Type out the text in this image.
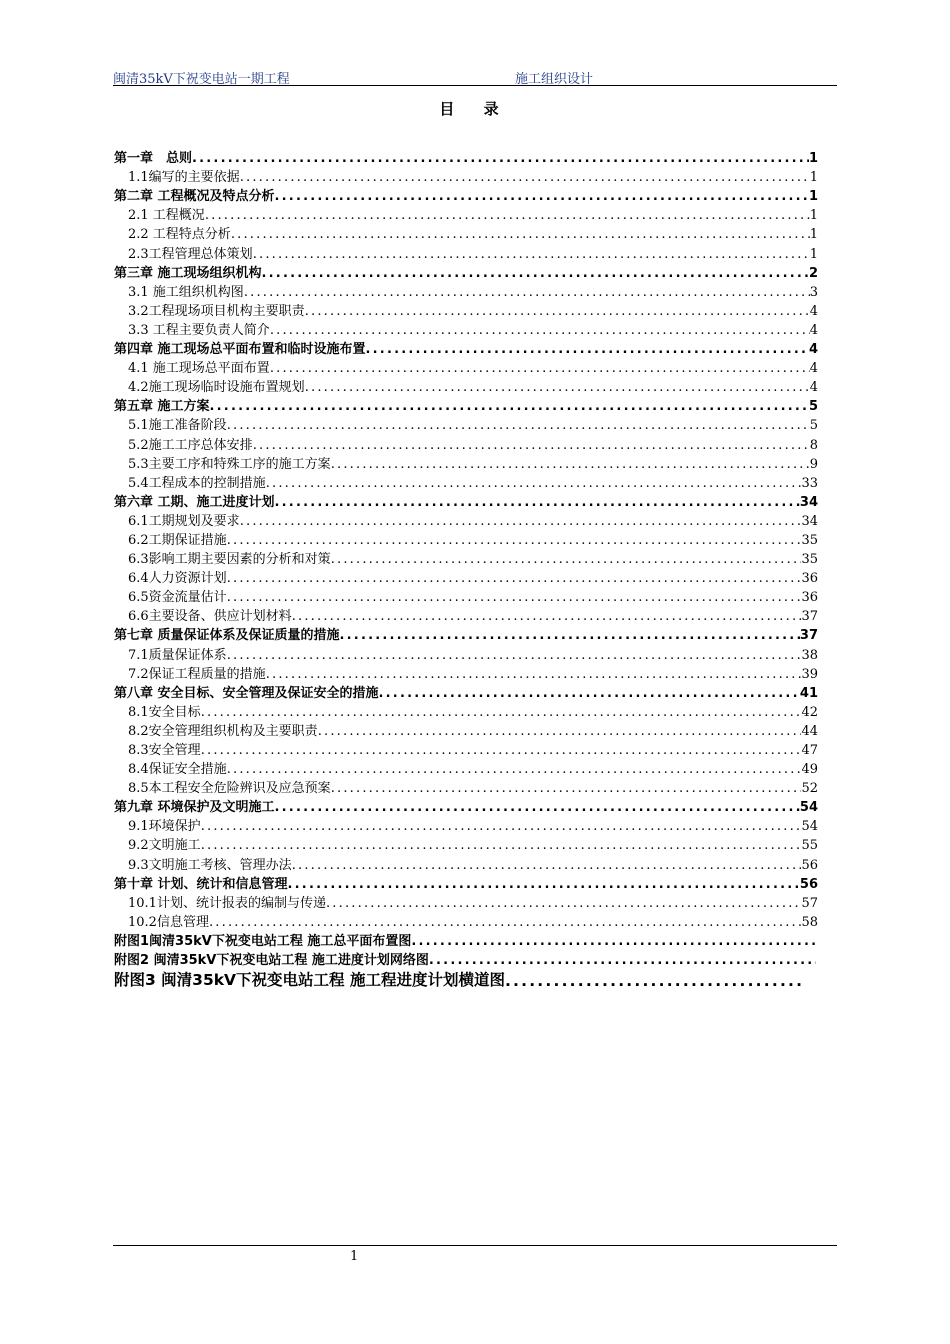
闽清35kV下祝变电站一期工程	施工组织设计
目 录
第一章　总则 .....	1
1.1编写的主要依据 .....	1
第二章 工程概况及特点分析 .....	1
2.1 工程概况 .....	1
2.2 工程特点分析 .....	1
2.3工程管理总体策划 .....	1
第三章 施工现场组织机构 .....	2
3.1 施工组织机构图 .....	3
3.2工程现场项目机构主要职责 .....	4
3.3 工程主要负责人简介 .....	4
第四章 施工现场总平面布置和临时设施布置 .....	4
4.1 施工现场总平面布置 .....	4
4.2施工现场临时设施布置规划 .....	4
第五章 施工方案 .....	5
5.1施工准备阶段 .....	5
5.2施工工序总体安排 .....	8
5.3主要工序和特殊工序的施工方案 .....	9
5.4工程成本的控制措施 .....	33
第六章 工期、施工进度计划 .....	34
6.1工期规划及要求 .....	34
6.2工期保证措施 .....	35
6.3影响工期主要因素的分析和对策 .....	35
6.4人力资源计划 .....	36
6.5资金流量估计 .....	36
6.6主要设备、供应计划材料 .....	37
第七章 质量保证体系及保证质量的措施 .....	37
7.1质量保证体系 .....	38
7.2保证工程质量的措施 .....	39
第八章 安全目标、安全管理及保证安全的措施 .....	41
8.1安全目标 .....	42
8.2安全管理组织机构及主要职责 .....	44
8.3安全管理 .....	47
8.4保证安全措施 .....	49
8.5本工程安全危险辨识及应急预案 .....	52
第九章 环境保护及文明施工 .....	54
9.1环境保护 .....	54
9.2文明施工 .....	55
9.3文明施工考核、管理办法 .....	56
第十章 计划、统计和信息管理 .....	56
10.1计划、统计报表的编制与传递 .....	57
10.2信息管理 .....	58
附图1闽清35kV下祝变电站工程 施工总平面布置图
.....
附图2 闽清35kV下祝变电站工程 施工进度计划网络图
.....
附图3 闽清35kV下祝变电站工程 施工程进度计划横道图
.....
1
